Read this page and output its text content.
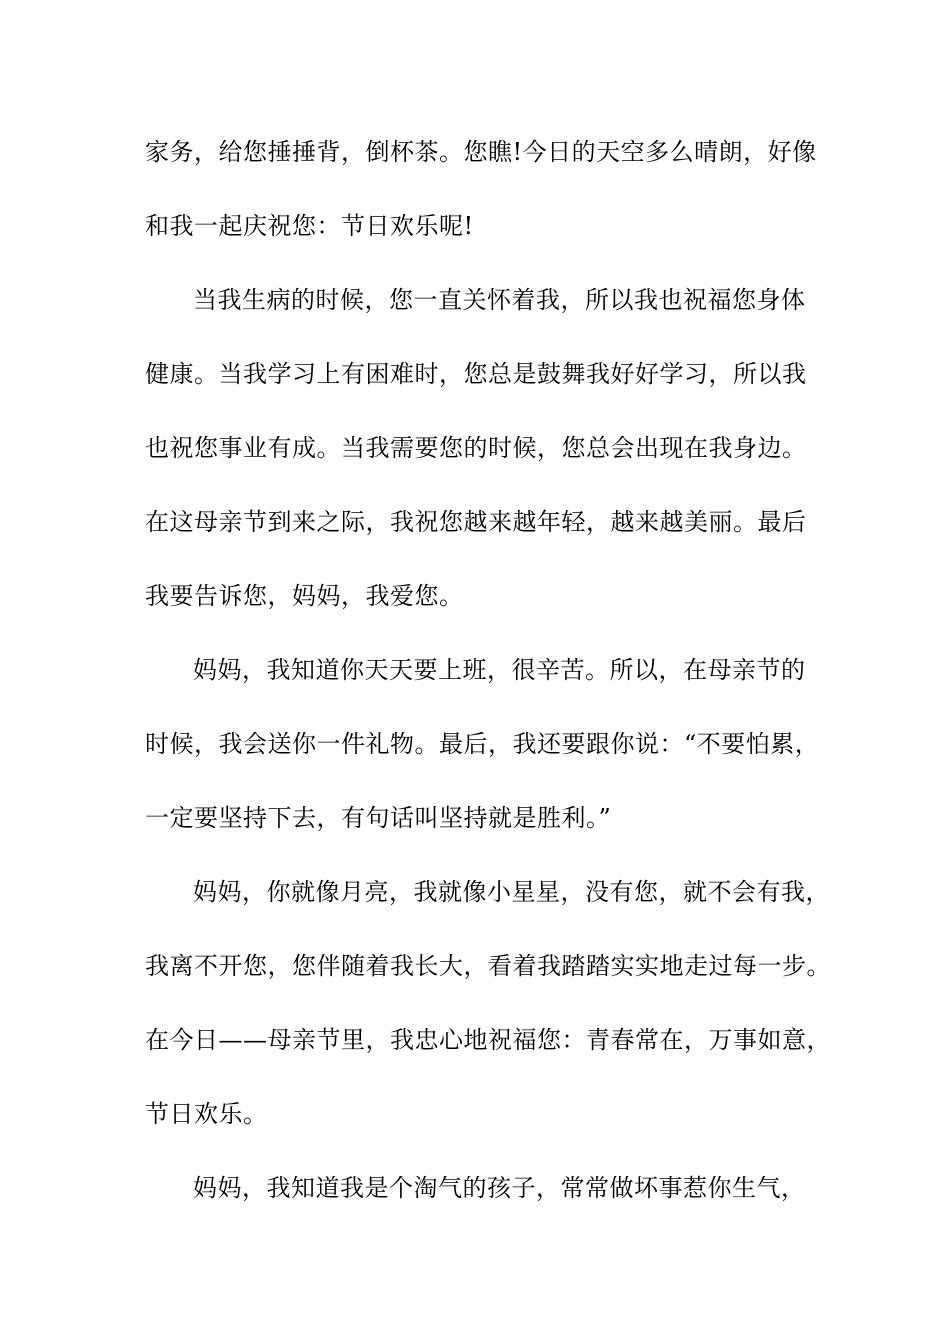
家务，给您捶捶背，倒杯茶。您瞧!今日的天空多么晴朗，好像
和我一起庆祝您：节日欢乐呢!
当我生病的时候，您一直关怀着我，所以我也祝福您身体
健康。当我学习上有困难时，您总是鼓舞我好好学习，所以我
也祝您事业有成。当我需要您的时候，您总会出现在我身边。
在这母亲节到来之际，我祝您越来越年轻，越来越美丽。最后
我要告诉您，妈妈，我爱您。
妈妈，我知道你天天要上班，很辛苦。所以，在母亲节的
时候，我会送你一件礼物。最后，我还要跟你说：“不要怕累，
一定要坚持下去，有句话叫坚持就是胜利。”
妈妈，你就像月亮，我就像小星星，没有您，就不会有我，
我离不开您，您伴随着我长大，看着我踏踏实实地走过每一步。
在今日——母亲节里，我忠心地祝福您：青春常在，万事如意，
节日欢乐。
妈妈，我知道我是个淘气的孩子，常常做坏事惹你生气，
